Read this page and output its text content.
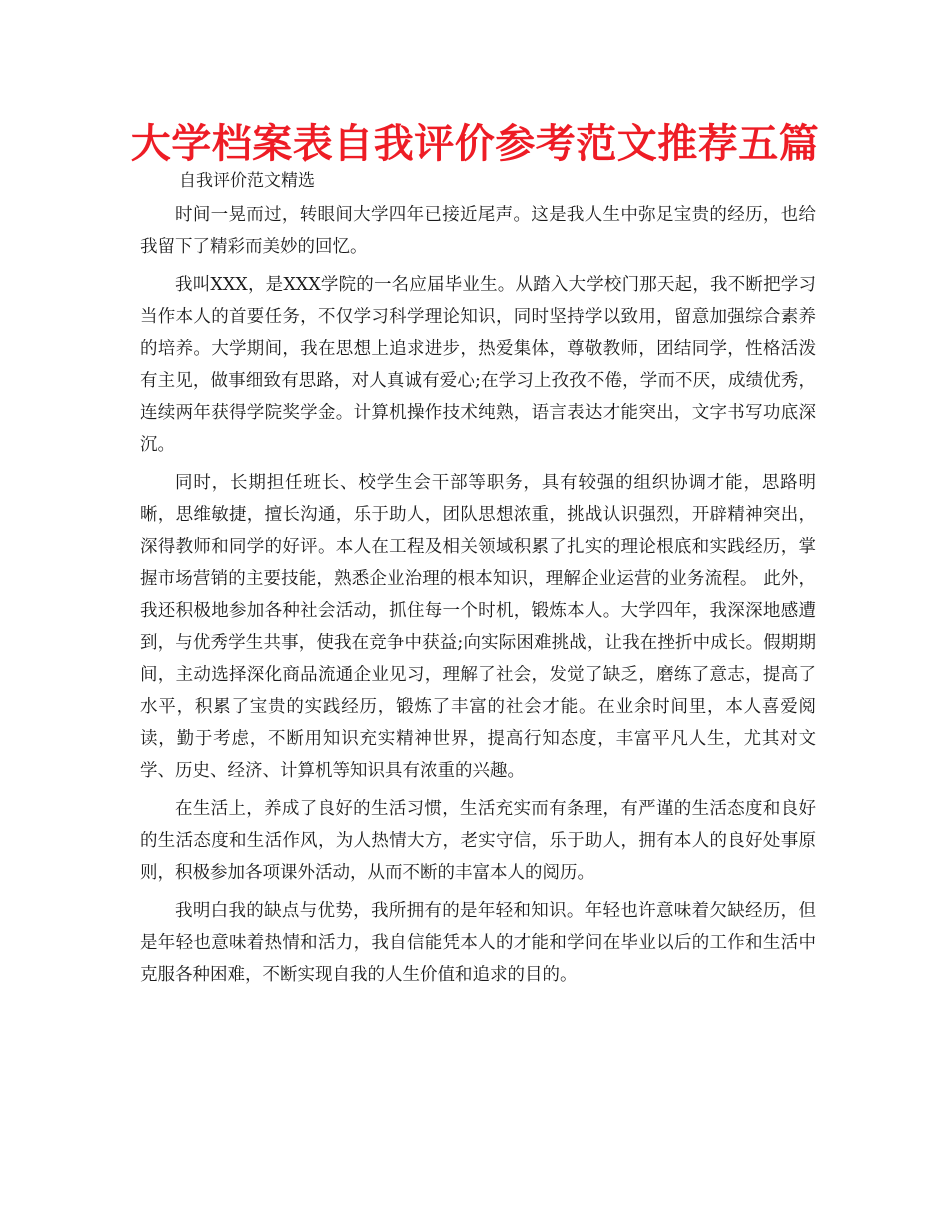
大学档案表自我评价参考范文推荐五篇
自我评价范文精选

时间一晃而过，转眼间大学四年已接近尾声。这是我人生中弥足宝贵的经历，也给我留下了精彩而美妙的回忆。

我叫XXX，是XXX学院的一名应届毕业生。从踏入大学校门那天起，我不断把学习当作本人的首要任务，不仅学习科学理论知识，同时坚持学以致用，留意加强综合素养的培养。大学期间，我在思想上追求进步，热爱集体，尊敬教师，团结同学，性格活泼有主见，做事细致有思路，对人真诚有爱心;在学习上孜孜不倦，学而不厌，成绩优秀，连续两年获得学院奖学金。计算机操作技术纯熟，语言表达才能突出，文字书写功底深沉。

同时，长期担任班长、校学生会干部等职务，具有较强的组织协调才能，思路明晰，思维敏捷，擅长沟通，乐于助人，团队思想浓重，挑战认识强烈，开辟精神突出，深得教师和同学的好评。本人在工程及相关领域积累了扎实的理论根底和实践经历，掌握市场营销的主要技能，熟悉企业治理的根本知识，理解企业运营的业务流程。 此外，我还积极地参加各种社会活动，抓住每一个时机，锻炼本人。大学四年，我深深地感遭到，与优秀学生共事，使我在竞争中获益;向实际困难挑战，让我在挫折中成长。假期期间，主动选择深化商品流通企业见习，理解了社会，发觉了缺乏，磨练了意志，提高了水平，积累了宝贵的实践经历，锻炼了丰富的社会才能。在业余时间里，本人喜爱阅读，勤于考虑，不断用知识充实精神世界，提高行知态度，丰富平凡人生，尤其对文学、历史、经济、计算机等知识具有浓重的兴趣。

在生活上，养成了良好的生活习惯，生活充实而有条理，有严谨的生活态度和良好的生活态度和生活作风，为人热情大方，老实守信，乐于助人，拥有本人的良好处事原则，积极参加各项课外活动，从而不断的丰富本人的阅历。

我明白我的缺点与优势，我所拥有的是年轻和知识。年轻也许意味着欠缺经历，但是年轻也意味着热情和活力，我自信能凭本人的才能和学问在毕业以后的工作和生活中克服各种困难，不断实现自我的人生价值和追求的目的。
